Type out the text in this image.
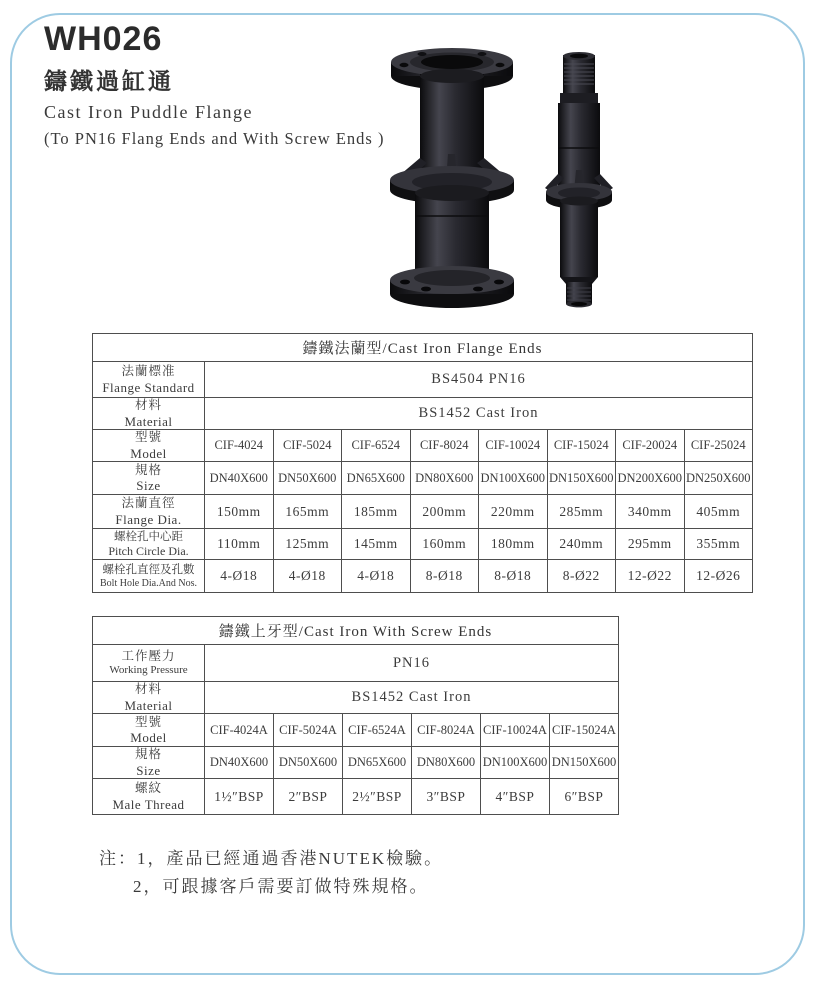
WH026
鑄鐵過缸通
Cast Iron Puddle Flange
(To PN16 Flang Ends and With Screw Ends )
鑄鐵法蘭型/Cast Iron Flange Ends								

法蘭標准
Flange Standard	BS4504 PN16							

材料
Material	BS1452 Cast Iron							

型號
Model	CIF-4024	CIF-5024	CIF-6524	CIF-8024	CIF-10024	CIF-15024	CIF-20024	CIF-25024

規格
Size	DN40X600	DN50X600	DN65X600	DN80X600	DN100X600	DN150X600	DN200X600	DN250X600

法蘭直徑
Flange Dia.	150mm	165mm	185mm	200mm	220mm	285mm	340mm	405mm

螺栓孔中心距
Pitch Circle Dia.	110mm	125mm	145mm	160mm	180mm	240mm	295mm	355mm

螺栓孔直徑及孔數
Bolt Hole Dia.And Nos.	4-Ø18	4-Ø18	4-Ø18	8-Ø18	8-Ø18	8-Ø22	12-Ø22	12-Ø26
鑄鐵上牙型/Cast Iron With Screw Ends						

工作壓力
Working Pressure	PN16					

材料
Material	BS1452 Cast Iron					

型號
Model	CIF-4024A	CIF-5024A	CIF-6524A	CIF-8024A	CIF-10024A	CIF-15024A

規格
Size	DN40X600	DN50X600	DN65X600	DN80X600	DN100X600	DN150X600

螺紋
Male Thread	1½″BSP	2″BSP	2½″BSP	3″BSP	4″BSP	6″BSP
注：1，產品已經通過香港NUTEK檢驗。
2，可跟據客戶需要訂做特殊規格。
